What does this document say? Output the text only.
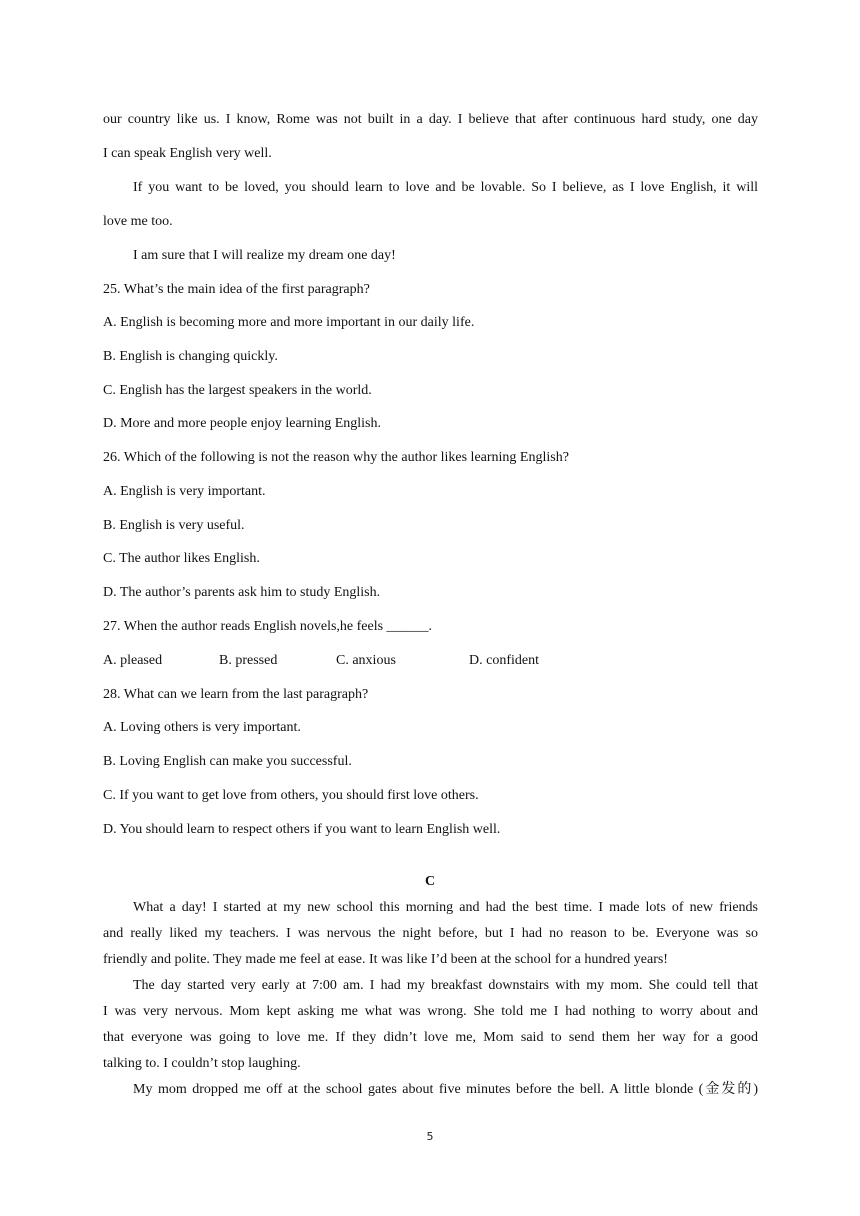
our country like us. I know, Rome was not built in a day. I believe that after continuous hard study, one day
I can speak English very well.
If you want to be loved, you should learn to love and be lovable. So I believe, as I love English, it will
love me too.
I am sure that I will realize my dream one day!
25. What’s the main idea of the first paragraph?
A. English is becoming more and more important in our daily life.
B. English is changing quickly.
C. English has the largest speakers in the world.
D. More and more people enjoy learning English.
26. Which of the following is not the reason why the author likes learning English?
A. English is very important.
B. English is very useful.
C. The author likes English.
D. The author’s parents ask him to study English.
27. When the author reads English novels,he feels ______.
A. pleased	B. pressed	C. anxious	D. confident
28. What can we learn from the last paragraph?
A. Loving others is very important.
B. Loving English can make you successful.
C. If you want to get love from others, you should first love others.
D. You should learn to respect others if you want to learn English well.
C
What a day! I started at my new school this morning and had the best time. I made lots of new friends
and really liked my teachers. I was nervous the night before, but I had no reason to be. Everyone was so
friendly and polite. They made me feel at ease. It was like I’d been at the school for a hundred years!
The day started very early at 7:00 am. I had my breakfast downstairs with my mom. She could tell that
I was very nervous. Mom kept asking me what was wrong. She told me I had nothing to worry about and
that everyone was going to love me. If they didn’t love me, Mom said to send them her way for a good
talking to. I couldn’t stop laughing.
My mom dropped me off at the school gates about five minutes before the bell. A little blonde (金发的)
5
